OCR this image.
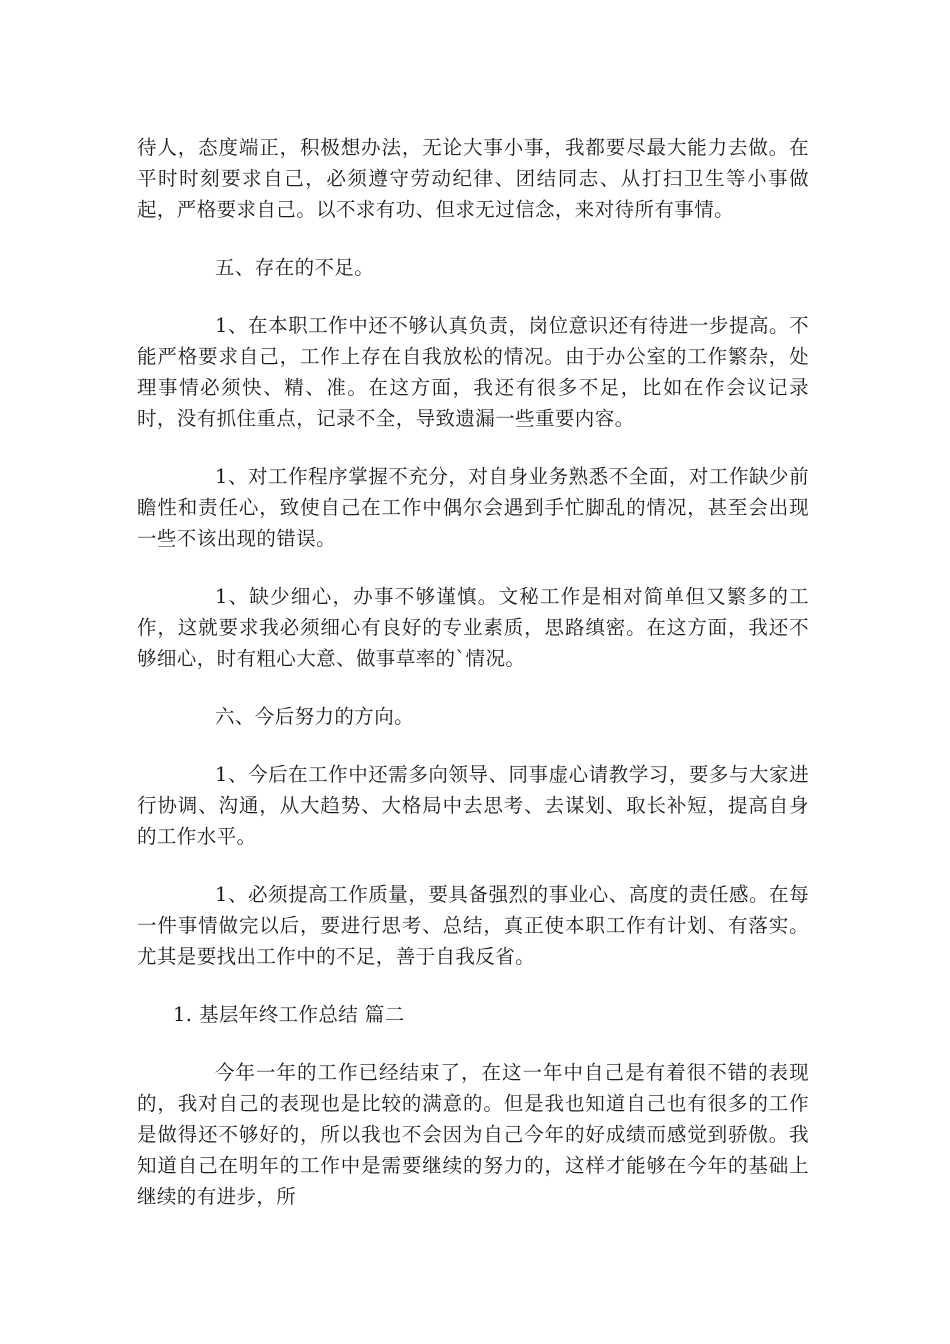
待人，态度端正，积极想办法，无论大事小事，我都要尽最大能力去做。在平时时刻要求自己，必须遵守劳动纪律、团结同志、从打扫卫生等小事做起，严格要求自己。以不求有功、但求无过信念，来对待所有事情。

五、存在的不足。

1、在本职工作中还不够认真负责，岗位意识还有待进一步提高。不能严格要求自己，工作上存在自我放松的情况。由于办公室的工作繁杂，处理事情必须快、精、准。在这方面，我还有很多不足，比如在作会议记录时，没有抓住重点，记录不全，导致遗漏一些重要内容。

1、对工作程序掌握不充分，对自身业务熟悉不全面，对工作缺少前瞻性和责任心，致使自己在工作中偶尔会遇到手忙脚乱的情况，甚至会出现一些不该出现的错误。

1、缺少细心，办事不够谨慎。文秘工作是相对简单但又繁多的工作，这就要求我必须细心有良好的专业素质，思路缜密。在这方面，我还不够细心，时有粗心大意、做事草率的`情况。

六、今后努力的方向。

1、今后在工作中还需多向领导、同事虚心请教学习，要多与大家进行协调、沟通，从大趋势、大格局中去思考、去谋划、取长补短，提高自身的工作水平。

1、必须提高工作质量，要具备强烈的事业心、高度的责任感。在每一件事情做完以后，要进行思考、总结，真正使本职工作有计划、有落实。尤其是要找出工作中的不足，善于自我反省。

1. 基层年终工作总结 篇二

今年一年的工作已经结束了，在这一年中自己是有着很不错的表现的，我对自己的表现也是比较的满意的。但是我也知道自己也有很多的工作是做得还不够好的，所以我也不会因为自己今年的好成绩而感觉到骄傲。我知道自己在明年的工作中是需要继续的努力的，这样才能够在今年的基础上继续的有进步，所
